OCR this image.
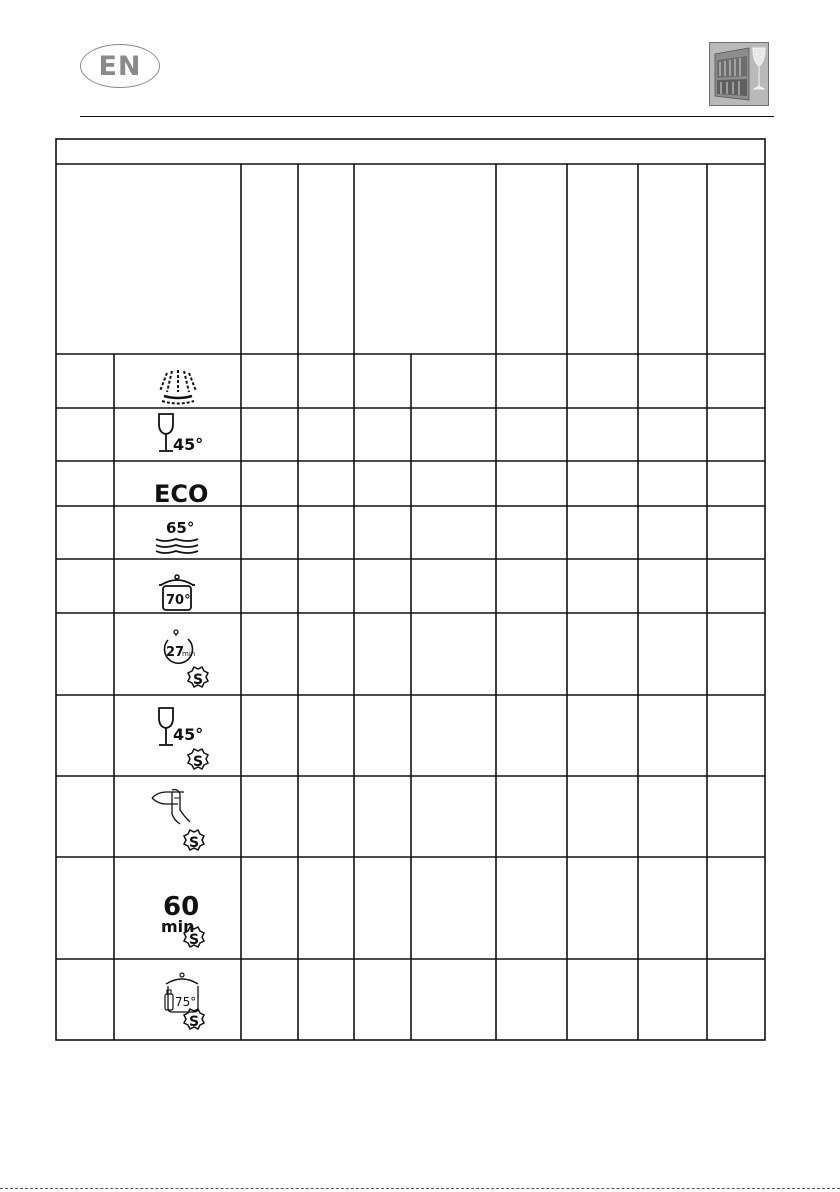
EN
45°
ECO
65°
70°
27
min
S
45°
S
S
60
min
S
75°
S
